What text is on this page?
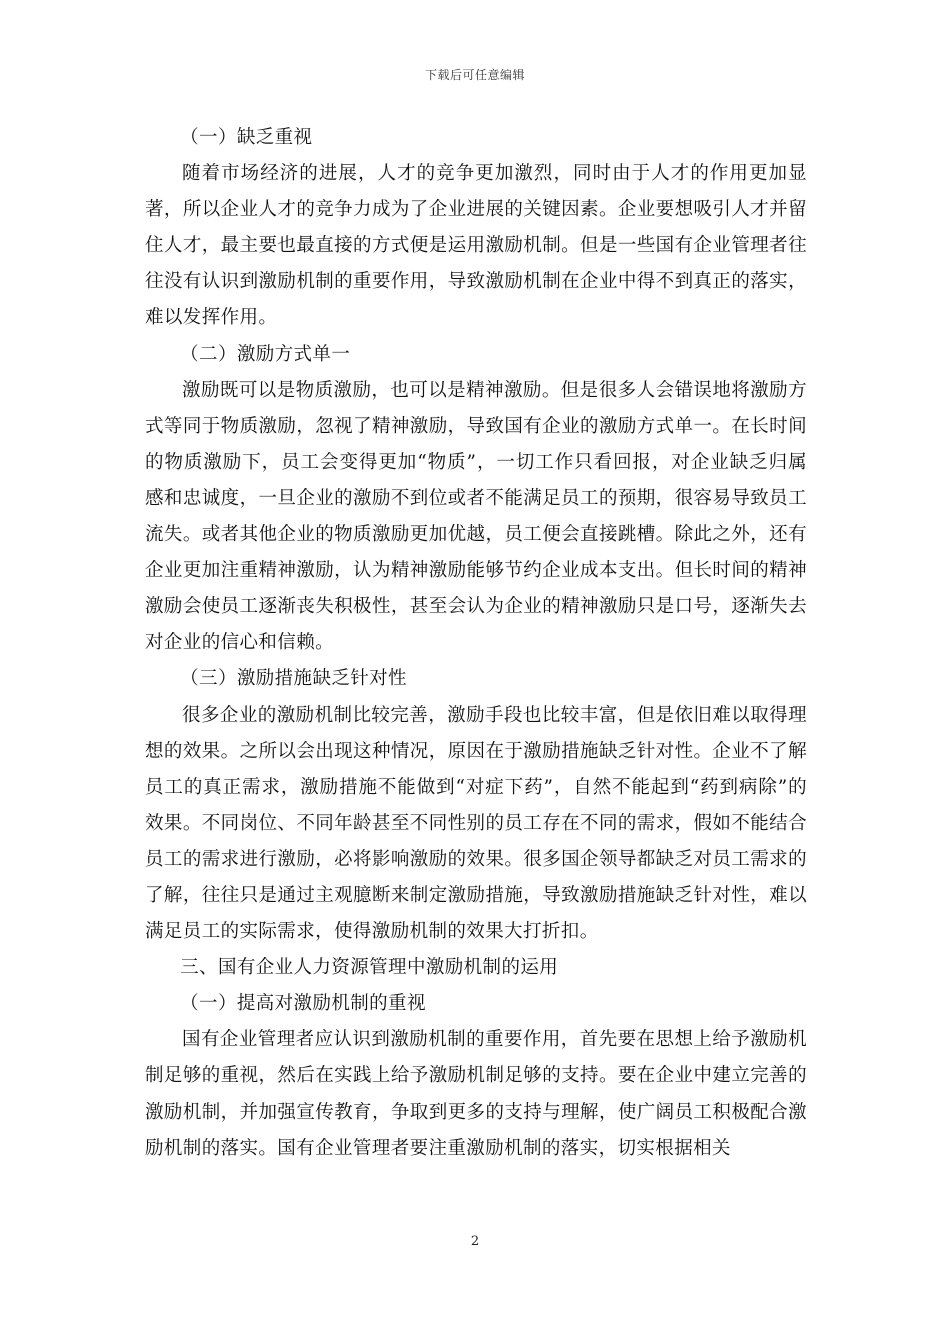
下载后可任意编辑

（一）缺乏重视

随着市场经济的进展，人才的竞争更加激烈，同时由于人才的作用更加显著，所以企业人才的竞争力成为了企业进展的关键因素。企业要想吸引人才并留住人才，最主要也最直接的方式便是运用激励机制。但是一些国有企业管理者往往没有认识到激励机制的重要作用，导致激励机制在企业中得不到真正的落实，难以发挥作用。

（二）激励方式单一

激励既可以是物质激励，也可以是精神激励。但是很多人会错误地将激励方式等同于物质激励，忽视了精神激励，导致国有企业的激励方式单一。在长时间的物质激励下，员工会变得更加“物质”，一切工作只看回报，对企业缺乏归属感和忠诚度，一旦企业的激励不到位或者不能满足员工的预期，很容易导致员工流失。或者其他企业的物质激励更加优越，员工便会直接跳槽。除此之外，还有企业更加注重精神激励，认为精神激励能够节约企业成本支出。但长时间的精神激励会使员工逐渐丧失积极性，甚至会认为企业的精神激励只是口号，逐渐失去对企业的信心和信赖。

（三）激励措施缺乏针对性

很多企业的激励机制比较完善，激励手段也比较丰富，但是依旧难以取得理想的效果。之所以会出现这种情况，原因在于激励措施缺乏针对性。企业不了解员工的真正需求，激励措施不能做到“对症下药”，自然不能起到“药到病除”的效果。不同岗位、不同年龄甚至不同性别的员工存在不同的需求，假如不能结合员工的需求进行激励，必将影响激励的效果。很多国企领导都缺乏对员工需求的了解，往往只是通过主观臆断来制定激励措施，导致激励措施缺乏针对性，难以满足员工的实际需求，使得激励机制的效果大打折扣。

三、国有企业人力资源管理中激励机制的运用

（一）提高对激励机制的重视

国有企业管理者应认识到激励机制的重要作用，首先要在思想上给予激励机制足够的重视，然后在实践上给予激励机制足够的支持。要在企业中建立完善的激励机制，并加强宣传教育，争取到更多的支持与理解，使广阔员工积极配合激励机制的落实。国有企业管理者要注重激励机制的落实，切实根据相关

2
